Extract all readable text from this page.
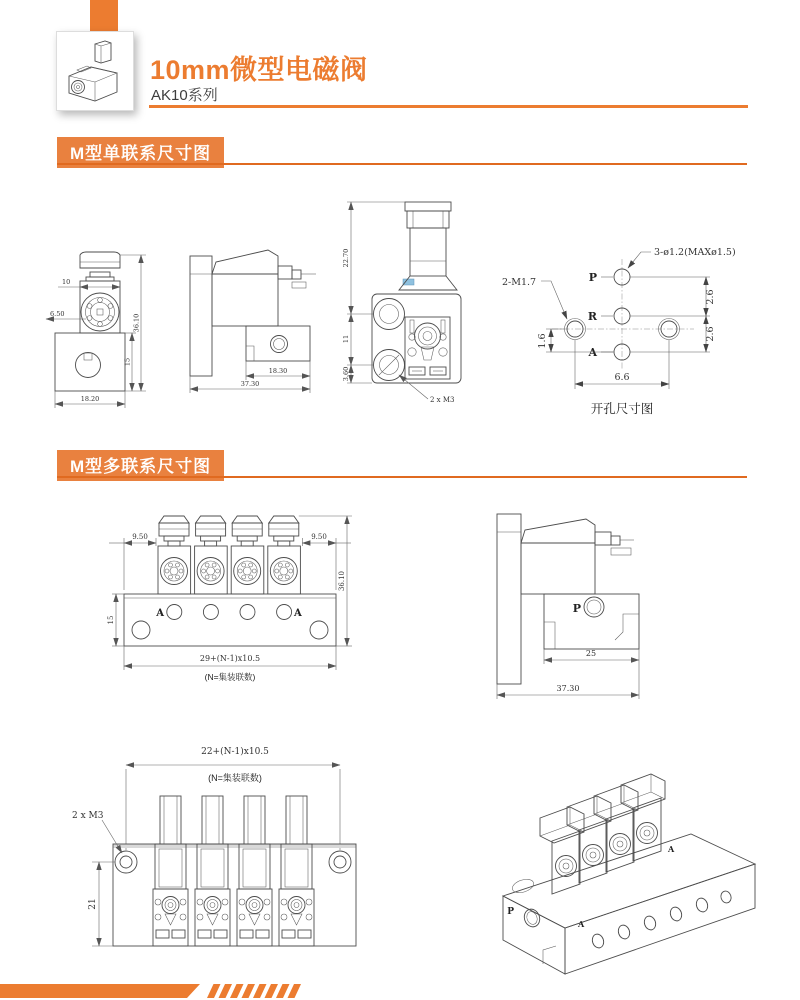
10mm微型电磁阀
AK10系列
M型单联系尺寸图
10
6.50	36.10
15
18.20
18.30
37.30
22.70
11
3.60
2 x M3
P
R
A
3-ø1.2(MAXø1.5)
2-M1.7
2.6
2.6
1.6
6.6
开孔尺寸图
M型多联系尺寸图
A	A
9.50	9.50
36.10
15
29+(N-1)x10.5
(N=集装联数)
P
25
37.30
22+(N-1)x10.5
(N=集装联数)
2 x M3
21
P
A
A
